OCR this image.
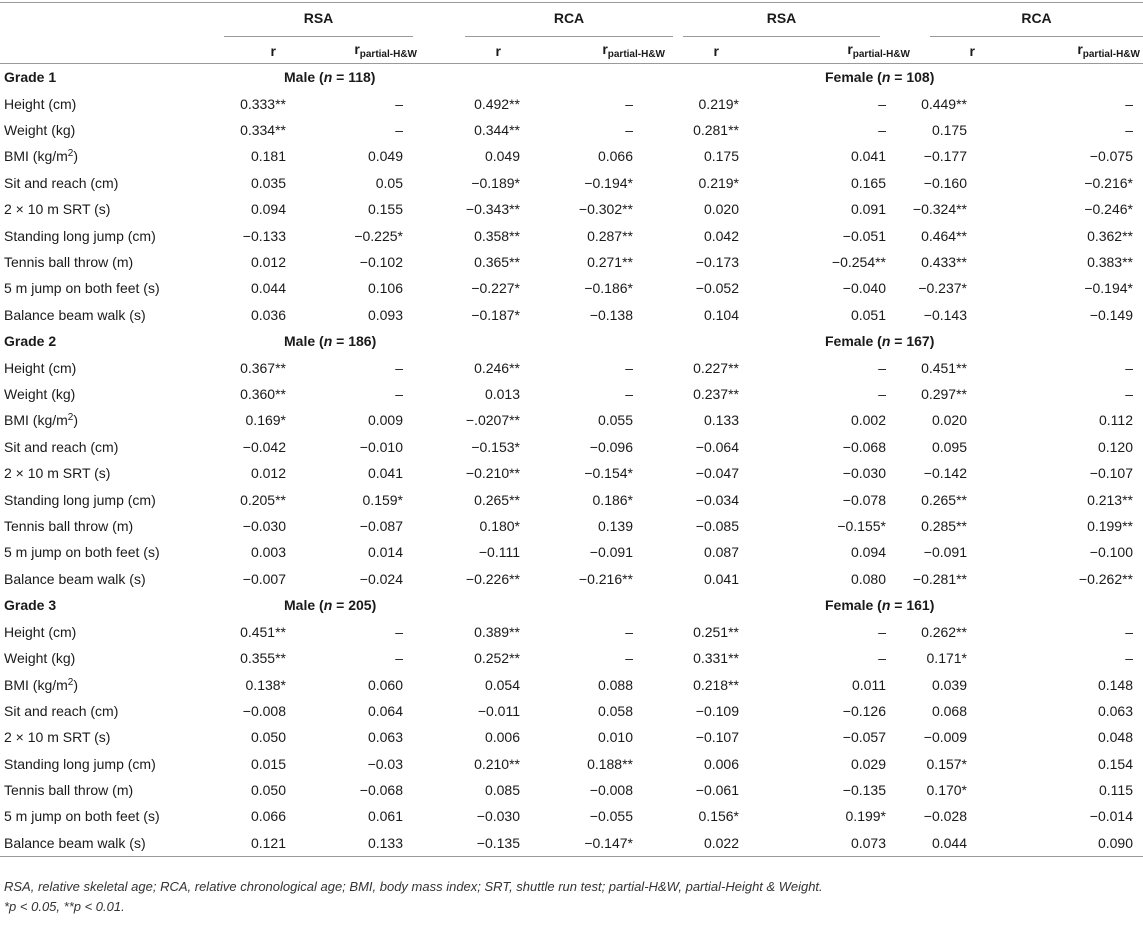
	RSA		RCA		RSA		RCA	

	r	$r_{partial-H\&W}$	r	$r_{partial-H\&W}$	r	$r_{partial-H\&W}$	r	$r_{partial-H\&W}$
Grade 1	Male (n = 118)				Female (n = 108)			
Height (cm)	0.333**	–	0.492**	–	0.219*	–	0.449**	–
Weight (kg)	0.334**	–	0.344**	–	0.281**	–	0.175	–
BMI $(kg/m^2)$	0.181	0.049	0.049	0.066	0.175	0.041	−0.177	−0.075
Sit and reach (cm)	0.035	0.05	−0.189*	−0.194*	0.219*	0.165	−0.160	−0.216*
2 × 10 m SRT (s)	0.094	0.155	−0.343**	−0.302**	0.020	0.091	−0.324**	−0.246*
Standing long jump (cm)	−0.133	−0.225*	0.358**	0.287**	0.042	−0.051	0.464**	0.362**
Tennis ball throw (m)	0.012	−0.102	0.365**	0.271**	−0.173	−0.254**	0.433**	0.383**
5 m jump on both feet (s)	0.044	0.106	−0.227*	−0.186*	−0.052	−0.040	−0.237*	−0.194*
Balance beam walk (s)	0.036	0.093	−0.187*	−0.138	0.104	0.051	−0.143	−0.149
Grade 2	Male (n = 186)				Female (n = 167)			
Height (cm)	0.367**	–	0.246**	–	0.227**	–	0.451**	–
Weight (kg)	0.360**	–	0.013	–	0.237**	–	0.297**	–
BMI $(kg/m^2)$	0.169*	0.009	−.0207**	0.055	0.133	0.002	0.020	0.112
Sit and reach (cm)	−0.042	−0.010	−0.153*	−0.096	−0.064	−0.068	0.095	0.120
2 × 10 m SRT (s)	0.012	0.041	−0.210**	−0.154*	−0.047	−0.030	−0.142	−0.107
Standing long jump (cm)	0.205**	0.159*	0.265**	0.186*	−0.034	−0.078	0.265**	0.213**
Tennis ball throw (m)	−0.030	−0.087	0.180*	0.139	−0.085	−0.155*	0.285**	0.199**
5 m jump on both feet (s)	0.003	0.014	−0.111	−0.091	0.087	0.094	−0.091	−0.100
Balance beam walk (s)	−0.007	−0.024	−0.226**	−0.216**	0.041	0.080	−0.281**	−0.262**
Grade 3	Male (n = 205)				Female (n = 161)			
Height (cm)	0.451**	–	0.389**	–	0.251**	–	0.262**	–
Weight (kg)	0.355**	–	0.252**	–	0.331**	–	0.171*	–
BMI $(kg/m^2)$	0.138*	0.060	0.054	0.088	0.218**	0.011	0.039	0.148
Sit and reach (cm)	−0.008	0.064	−0.011	0.058	−0.109	−0.126	0.068	0.063
2 × 10 m SRT (s)	0.050	0.063	0.006	0.010	−0.107	−0.057	−0.009	0.048
Standing long jump (cm)	0.015	−0.03	0.210**	0.188**	0.006	0.029	0.157*	0.154
Tennis ball throw (m)	0.050	−0.068	0.085	−0.008	−0.061	−0.135	0.170*	0.115
5 m jump on both feet (s)	0.066	0.061	−0.030	−0.055	0.156*	0.199*	−0.028	−0.014
Balance beam walk (s)	0.121	0.133	−0.135	−0.147*	0.022	0.073	0.044	0.090
RSA, relative skeletal age; RCA, relative chronological age; BMI, body mass index; SRT, shuttle run test; partial-H&W, partial-Height & Weight.
*p < 0.05, **p < 0.01.
